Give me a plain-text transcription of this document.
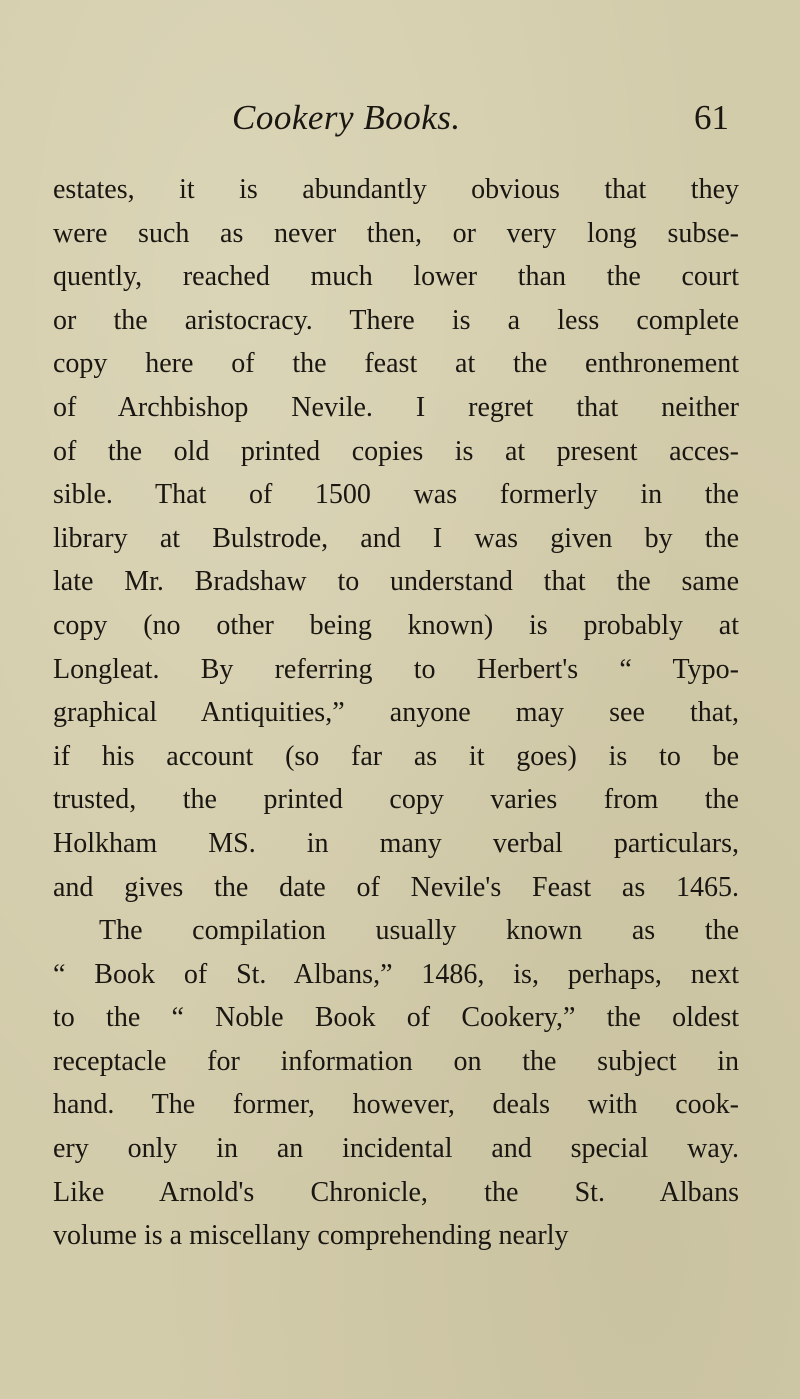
Cookery Books.	61
estates, it is abundantly obvious that they
were such as never then, or very long subse-
quently, reached much lower than the court
or the aristocracy. There is a less complete
copy here of the feast at the enthronement
of Archbishop Nevile. I regret that neither
of the old printed copies is at present acces-
sible. That of 1500 was formerly in the
library at Bulstrode, and I was given by the
late Mr. Bradshaw to understand that the same
copy (no other being known) is probably at
Longleat. By referring to Herbert's “ Typo-
graphical Antiquities,” anyone may see that,
if his account (so far as it goes) is to be
trusted, the printed copy varies from the
Holkham MS. in many verbal particulars,
and gives the date of Nevile's Feast as 1465.
The compilation usually known as the
“ Book of St. Albans,” 1486, is, perhaps, next
to the “ Noble Book of Cookery,” the oldest
receptacle for information on the subject in
hand. The former, however, deals with cook-
ery only in an incidental and special way.
Like Arnold's Chronicle, the St. Albans
volume is a miscellany comprehending nearly
